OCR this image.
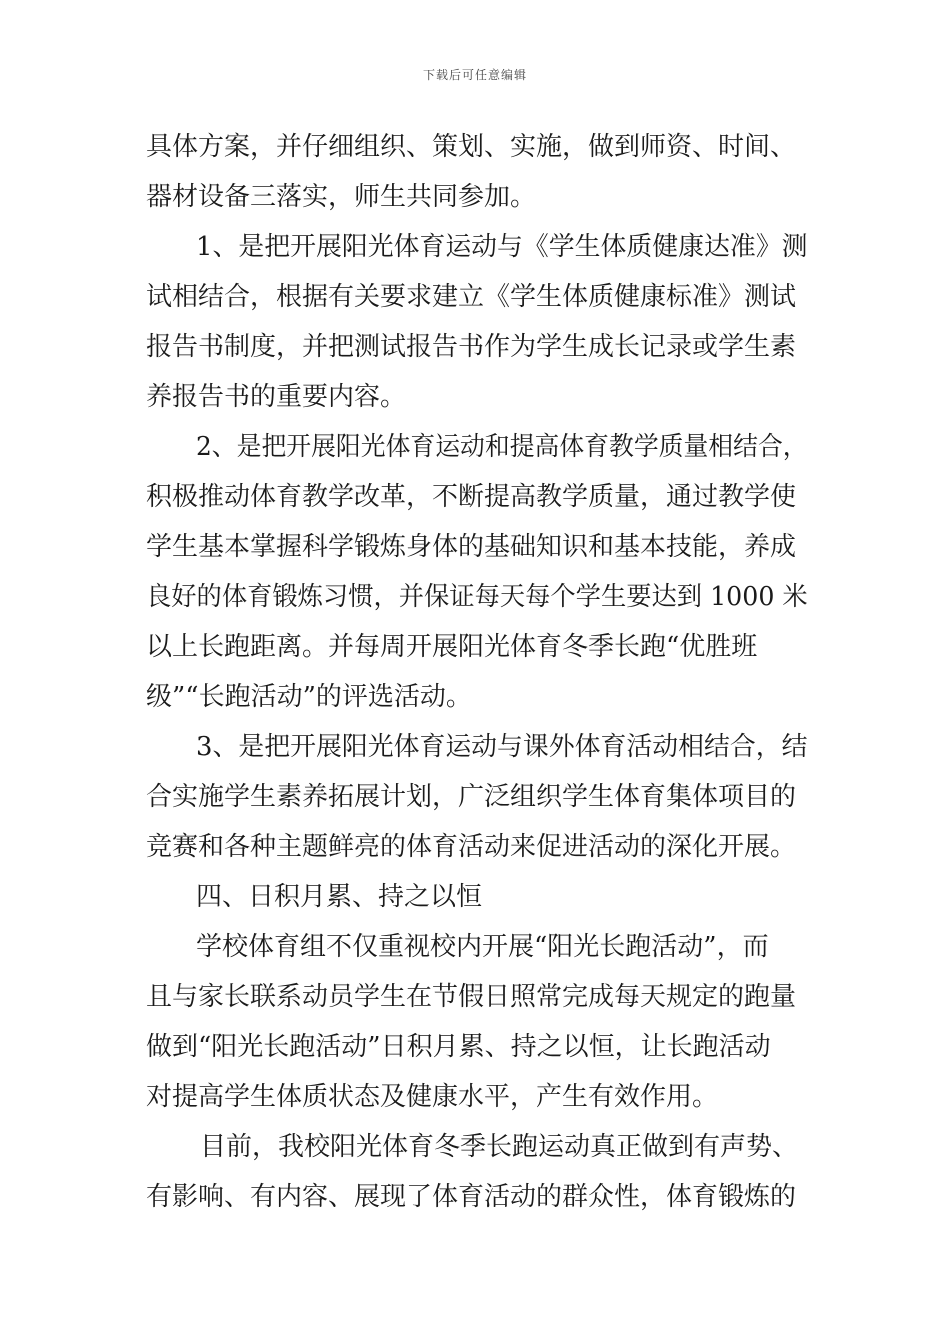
下载后可任意编辑
具体方案，并仔细组织、策划、实施，做到师资、时间、
器材设备三落实，师生共同参加。
1、是把开展阳光体育运动与《学生体质健康达准》测
试相结合，根据有关要求建立《学生体质健康标准》测试
报告书制度，并把测试报告书作为学生成长记录或学生素
养报告书的重要内容。
2、是把开展阳光体育运动和提高体育教学质量相结合，
积极推动体育教学改革，不断提高教学质量，通过教学使
学生基本掌握科学锻炼身体的基础知识和基本技能，养成
良好的体育锻炼习惯，并保证每天每个学生要达到 1000 米
以上长跑距离。并每周开展阳光体育冬季长跑“优胜班
级”“长跑活动”的评选活动。
3、是把开展阳光体育运动与课外体育活动相结合，结
合实施学生素养拓展计划，广泛组织学生体育集体项目的
竞赛和各种主题鲜亮的体育活动来促进活动的深化开展。
四、日积月累、持之以恒
学校体育组不仅重视校内开展“阳光长跑活动”，而
且与家长联系动员学生在节假日照常完成每天规定的跑量
做到“阳光长跑活动”日积月累、持之以恒，让长跑活动
对提高学生体质状态及健康水平，产生有效作用。
目前，我校阳光体育冬季长跑运动真正做到有声势、
有影响、有内容、展现了体育活动的群众性，体育锻炼的
